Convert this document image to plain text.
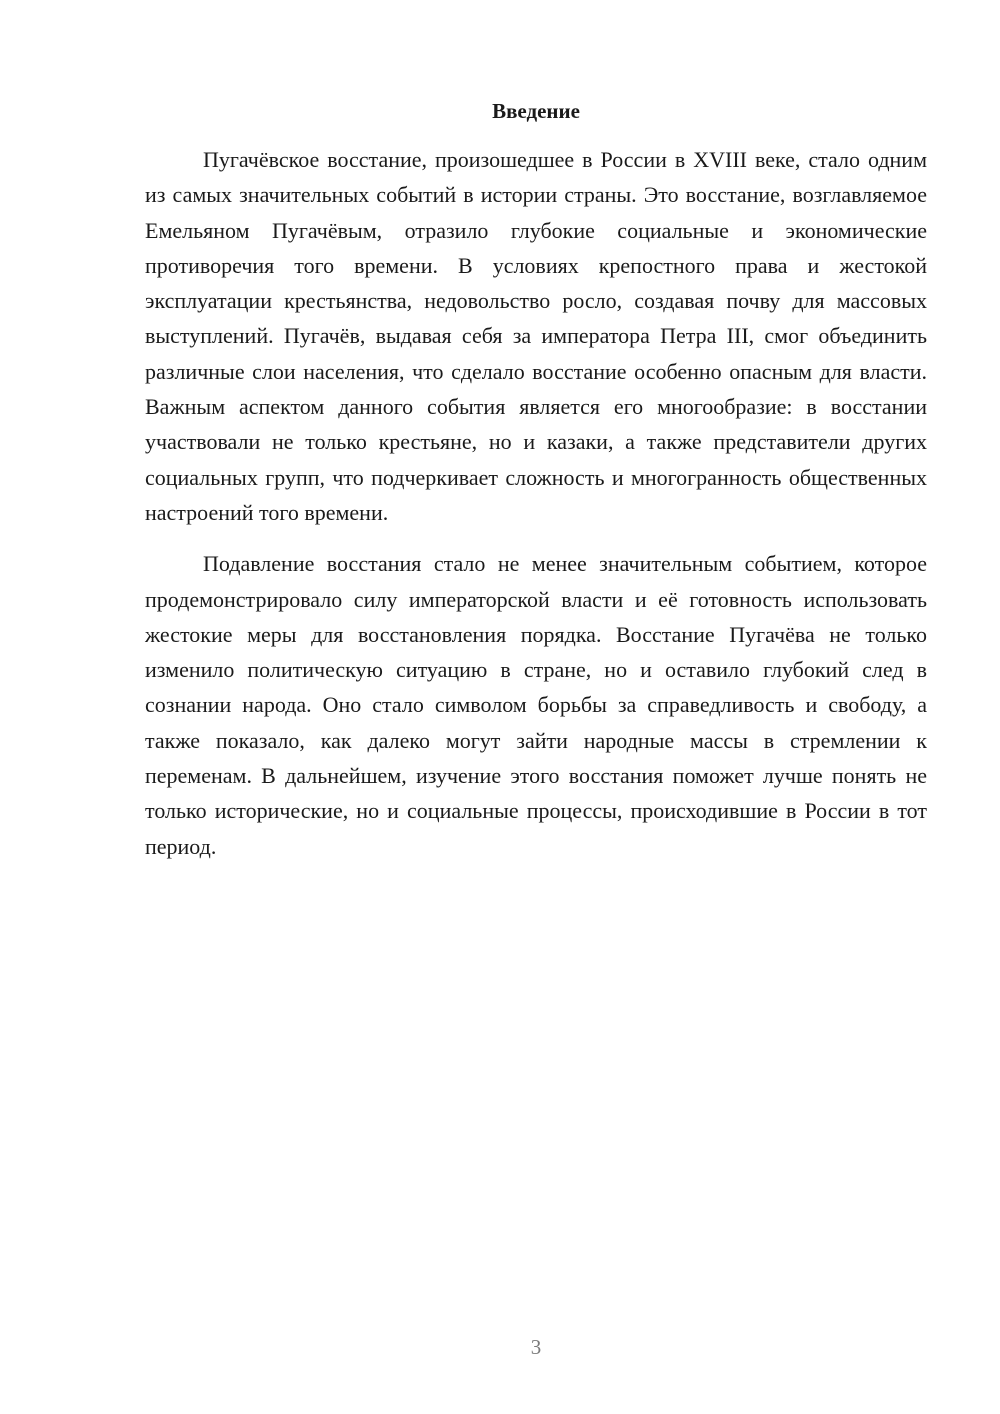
Введение

Пугачёвское восстание, произошедшее в России в XVIII веке, стало одним из самых значительных событий в истории страны. Это восстание, возглавляемое Емельяном Пугачёвым, отразило глубокие социальные и экономические противоречия того времени. В условиях крепостного права и жестокой эксплуатации крестьянства, недовольство росло, создавая почву для массовых выступлений. Пугачёв, выдавая себя за императора Петра III, смог объединить различные слои населения, что сделало восстание особенно опасным для власти. Важным аспектом данного события является его многообразие: в восстании участвовали не только крестьяне, но и казаки, а также представители других социальных групп, что подчеркивает сложность и многогранность общественных настроений того времени.

Подавление восстания стало не менее значительным событием, которое продемонстрировало силу императорской власти и её готовность использовать жестокие меры для восстановления порядка. Восстание Пугачёва не только изменило политическую ситуацию в стране, но и оставило глубокий след в сознании народа. Оно стало символом борьбы за справедливость и свободу, а также показало, как далеко могут зайти народные массы в стремлении к переменам. В дальнейшем, изучение этого восстания поможет лучше понять не только исторические, но и социальные процессы, происходившие в России в тот период.

3
